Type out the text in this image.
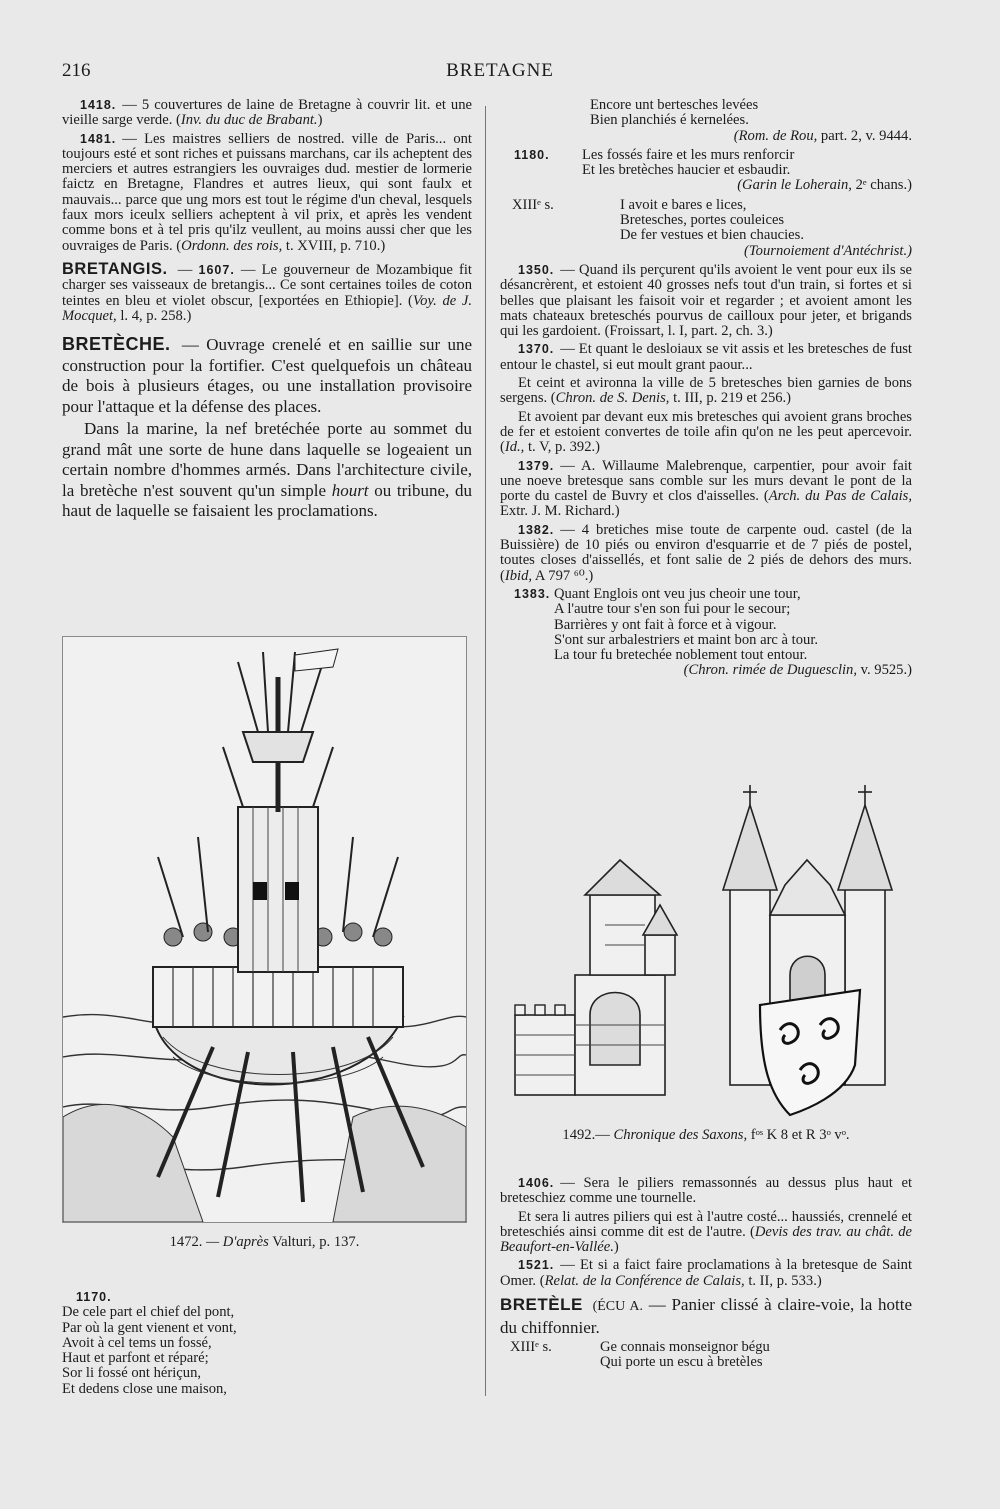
216	BRETAGNE

1418. — 5 couvertures de laine de Bretagne à couvrir lit. et une vieille sarge verde. (Inv. du duc de Brabant.)

1481. — Les maistres selliers de nostred. ville de Paris... ont toujours esté et sont riches et puissans marchans, car ils acheptent des merciers et autres estrangiers les ouvraiges dud. mestier de lormerie faictz en Bretagne, Flandres et autres lieux, qui sont faulx et mauvais... parce que ung mors est tout le régime d'un cheval, lesquels faux mors iceulx selliers acheptent à vil prix, et après les vendent comme bons et à tel pris qu'ilz veullent, au moins aussi cher que les ouvraiges de Paris. (Ordonn. des rois, t. XVIII, p. 710.)

BRETANGIS. — 1607. — Le gouverneur de Mozambique fit charger ses vaisseaux de bretangis... Ce sont certaines toiles de coton teintes en bleu et violet obscur, [exportées en Ethiopie]. (Voy. de J. Mocquet, l. 4, p. 258.)

BRETÈCHE. — Ouvrage crenelé et en saillie sur une construction pour la fortifier. C'est quelquefois un château de bois à plusieurs étages, ou une installation provisoire pour l'attaque et la défense des places.

Dans la marine, la nef bretéchée porte au sommet du grand mât une sorte de hune dans laquelle se logeaient un certain nombre d'hommes armés. Dans l'architecture civile, la bretèche n'est souvent qu'un simple hourt ou tribune, du haut de laquelle se faisaient les proclamations.

1472. — D'après Valturi, p. 137.
1170.
De cele part el chief del pont,
Par où la gent vienent et vont,
Avoit à cel tems un fossé,
Haut et parfont et réparé;
Sor li fossé ont hériçun,
Et dedens close une maison,
Encore unt bertesches levées
Bien planchiés é kernelées.
(Rom. de Rou, part. 2, v. 9444.
1180. Les fossés faire et les murs renforcir
Et les bretèches haucier et esbaudir.
(Garin le Loherain, 2ᵉ chans.)
XIIIᵉ s.	I avoit e bares e lices,
Bretesches, portes couleices
De fer vestues et bien chaucies.
(Tournoiement d'Antéchrist.)

1350. — Quand ils perçurent qu'ils avoient le vent pour eux ils se désancrèrent, et estoient 40 grosses nefs tout d'un train, si fortes et si belles que plaisant les faisoit voir et regarder ; et avoient amont les mats chateaux breteschés pourvus de cailloux pour jeter, et brigands qui les gardoient. (Froissart, l. I, part. 2, ch. 3.)

1370. — Et quant le desloiaux se vit assis et les bretesches de fust entour le chastel, si eut moult grant paour...

Et ceint et avironna la ville de 5 bretesches bien garnies de bons sergens. (Chron. de S. Denis, t. III, p. 219 et 256.)

Et avoient par devant eux mis bretesches qui avoient grans broches de fer et estoient convertes de toile afin qu'on ne les peut apercevoir. (Id., t. V, p. 392.)

1379. — A. Willaume Malebrenque, carpentier, pour avoir fait une noeve bretesque sans comble sur les murs devant le pont de la porte du castel de Buvry et clos d'aisselles. (Arch. du Pas de Calais, Extr. J. M. Richard.)

1382. — 4 bretiches mise toute de carpente oud. castel (de la Buissière) de 10 piés ou environ d'esquarrie et de 7 piés de postel, toutes closes d'aissellés, et font salie de 2 piés de dehors des murs. (Ibid, A 797 ⁶⁰.)

1383. Quant Englois ont veu jus cheoir une tour,
A l'autre tour s'en son fui pour le secour;
Barrières y ont fait à force et à vigour.
S'ont sur arbalestriers et maint bon arc à tour.
La tour fu bretechée noblement tout entour.
(Chron. rimée de Duguesclin, v. 9525.)
1492.— Chronique des Saxons, fᵒˢ K 8 et R 3ᵒ vᵒ.

1406. — Sera le piliers remassonnés au dessus plus haut et breteschiez comme une tournelle.

Et sera li autres piliers qui est à l'autre costé... haussiés, crennelé et breteschiés ainsi comme dit est de l'autre. (Devis des trav. au chât. de Beaufort-en-Vallée.)

1521. — Et si a faict faire proclamations à la bretesque de Saint Omer. (Relat. de la Conférence de Calais, t. II, p. 533.)

BRETÈLE (ÉCU A. — Panier clissé à claire-voie, la hotte du chiffonnier.

XIIIᵉ s.	Ge connais monseignor bégu
Qui porte un escu à bretèles
